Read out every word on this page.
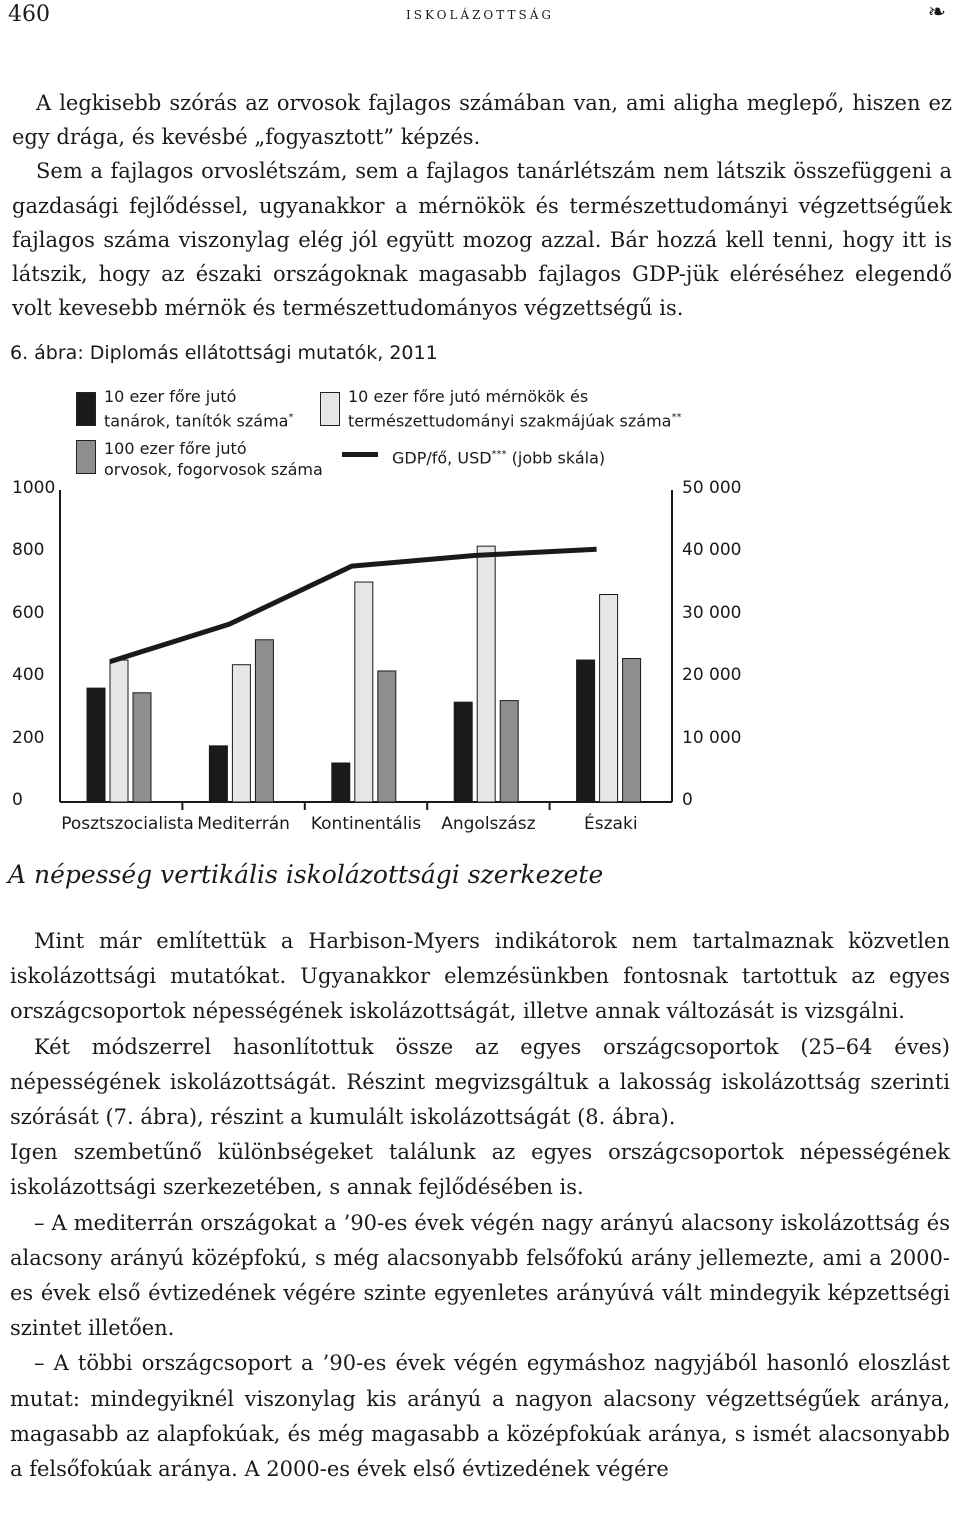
460	iskolázottság	❧

A legkisebb szórás az orvosok fajlagos számában van, ami aligha meglepő, hiszen ez egy drága, és kevésbé „fogyasztott” képzés.

Sem a fajlagos orvoslétszám, sem a fajlagos tanárlétszám nem látszik összefüggeni a gazdasági fejlődéssel, ugyanakkor a mérnökök és természettudományi végzettségűek fajlagos száma viszonylag elég jól együtt mozog azzal. Bár hozzá kell tenni, hogy itt is látszik, hogy az északi országoknak magasabb fajlagos GDP-jük eléréséhez elegendő volt kevesebb mérnök és természettudományos végzettségű is.

6. ábra: Diplomás ellátottsági mutatók, 2011
10 ezer főre jutó
tanárok, tanítók száma*
100 ezer főre jutó
orvosok, fogorvosok száma
10 ezer főre jutó mérnökök és
természettudományi szakmájúak száma**
GDP/fő, USD*** (jobb skála)
0
200
400
600
800
1000
0
10 000
20 000
30 000
40 000
50 000
Posztszocialista Mediterrán	Kontinentális	Angolszász	Északi
A népesség vertikális iskolázottsági szerkezete

Mint már említettük a Harbison-Myers indikátorok nem tartalmaznak közvetlen iskolázottsági mutatókat. Ugyanakkor elemzésünkben fontosnak tartottuk az egyes országcsoportok népességének iskolázottságát, illetve annak változását is vizsgálni.

Két módszerrel hasonlítottuk össze az egyes országcsoportok (25–64 éves) népességének iskolázottságát. Részint megvizsgáltuk a lakosság iskolázottság szerinti szórását (7. ábra), részint a kumulált iskolázottságát (8. ábra).

Igen szembetűnő különbségeket találunk az egyes országcsoportok népességének iskolázottsági szerkezetében, s annak fejlődésében is.

– A mediterrán országokat a ’90-es évek végén nagy arányú alacsony iskolázottság és alacsony arányú középfokú, s még alacsonyabb felsőfokú arány jellemezte, ami a 2000-es évek első évtizedének végére szinte egyenletes arányúvá vált mindegyik képzettségi szintet illetően.

– A többi országcsoport a ’90-es évek végén egymáshoz nagyjából hasonló eloszlást mutat: mindegyiknél viszonylag kis arányú a nagyon alacsony végzettségűek aránya, magasabb az alapfokúak, és még magasabb a középfokúak aránya, s ismét alacsonyabb a felsőfokúak aránya. A 2000-es évek első évtizedének végére
